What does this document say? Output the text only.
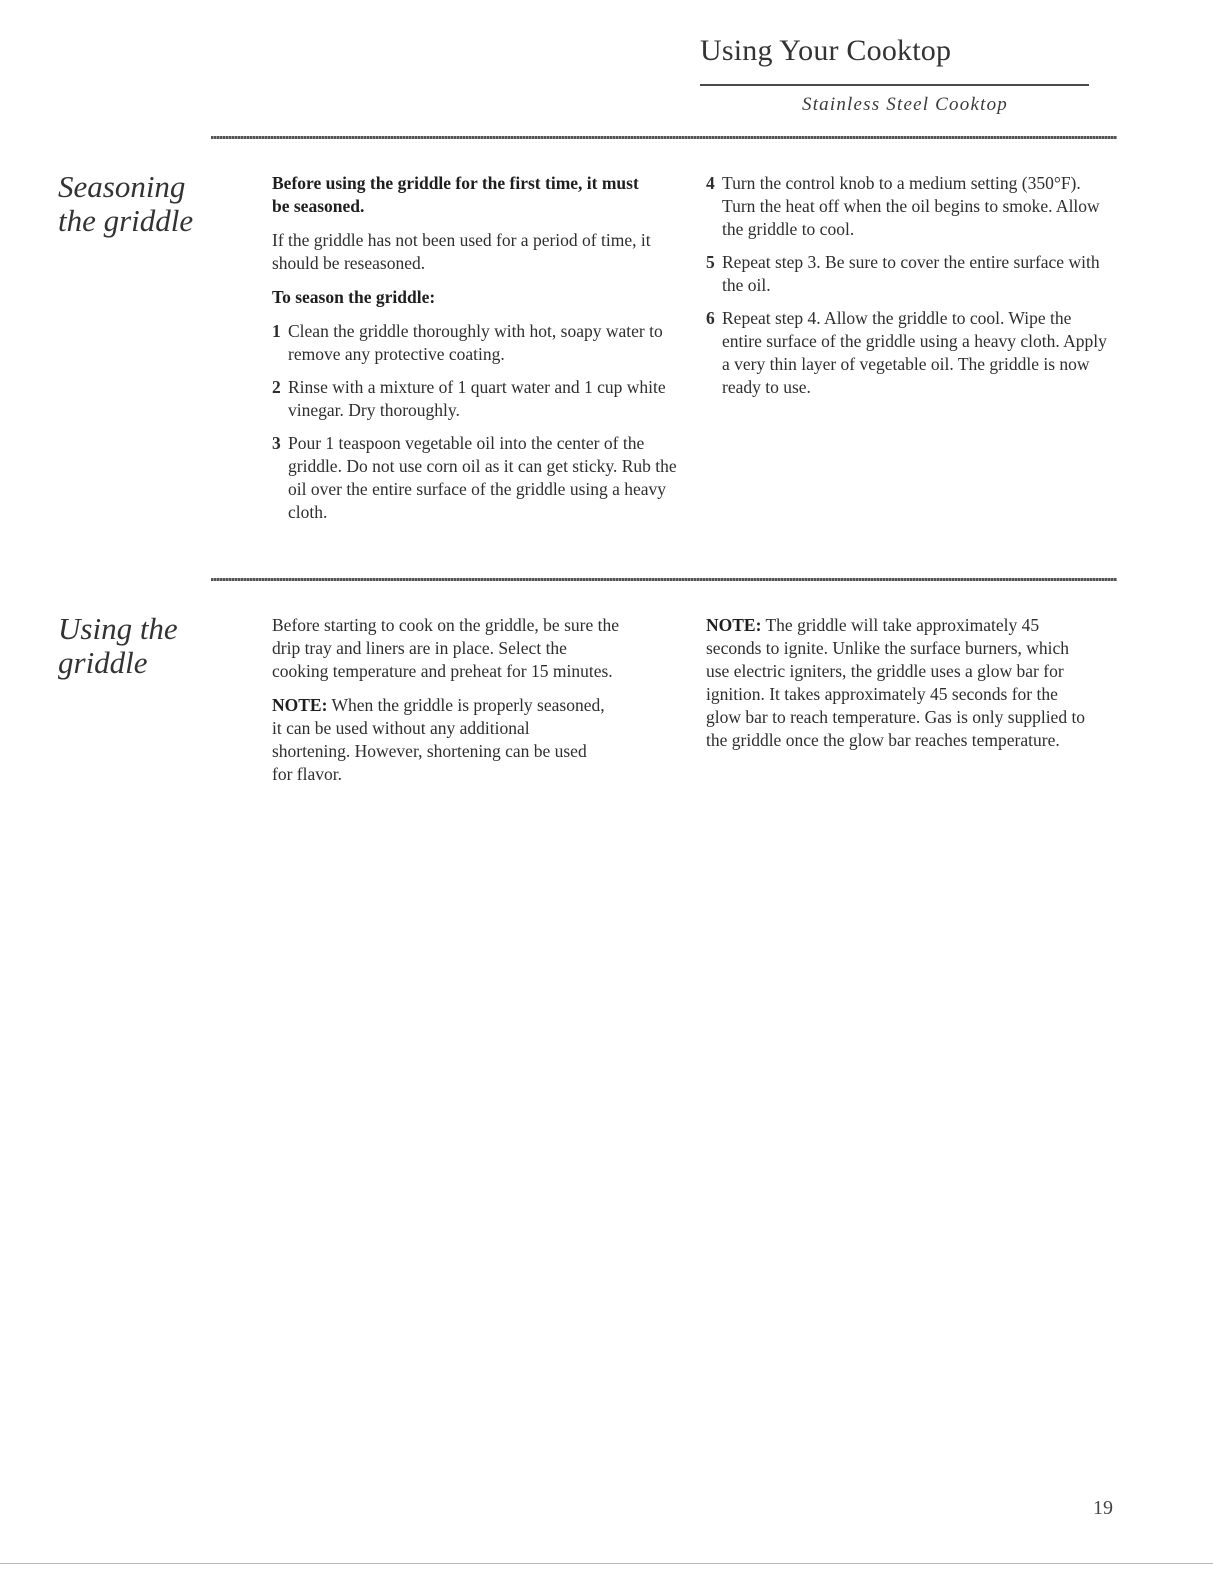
Using Your Cooktop
Stainless Steel Cooktop
Seasoning
the griddle

Before using the griddle for the first time, it must be seasoned.

If the griddle has not been used for a period of time, it should be reseasoned.

To season the griddle:

1 Clean the griddle thoroughly with hot, soapy water to remove any protective coating.
2 Rinse with a mixture of 1 quart water and 1 cup white vinegar. Dry thoroughly.
3 Pour 1 teaspoon vegetable oil into the center of the griddle. Do not use corn oil as it can get sticky. Rub the oil over the entire surface of the griddle using a heavy cloth.
4 Turn the control knob to a medium setting (350°F). Turn the heat off when the oil begins to smoke. Allow the griddle to cool.
5 Repeat step 3. Be sure to cover the entire surface with the oil.
6 Repeat step 4. Allow the griddle to cool. Wipe the entire surface of the griddle using a heavy cloth. Apply a very thin layer of vegetable oil. The griddle is now ready to use.
Using the
griddle

Before starting to cook on the griddle, be sure the drip tray and liners are in place. Select the cooking temperature and preheat for 15 minutes.

NOTE: When the griddle is properly seasoned, it can be used without any additional shortening. However, shortening can be used for flavor.

NOTE: The griddle will take approximately 45 seconds to ignite. Unlike the surface burners, which use electric igniters, the griddle uses a glow bar for ignition. It takes approximately 45 seconds for the glow bar to reach temperature. Gas is only supplied to the griddle once the glow bar reaches temperature.

19
